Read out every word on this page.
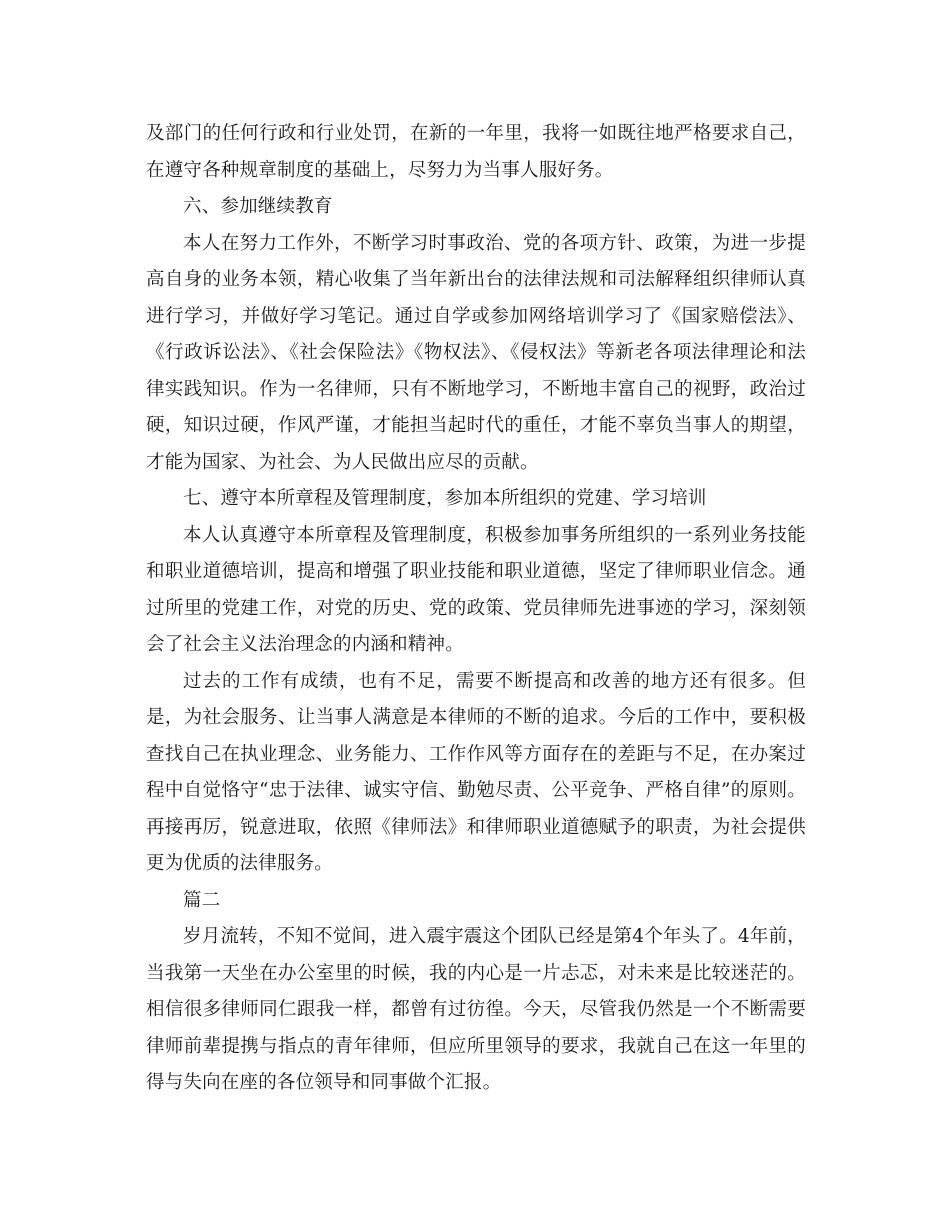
及部门的任何行政和行业处罚，在新的一年里，我将一如既往地严格要求自己，在遵守各种规章制度的基础上，尽努力为当事人服好务。

六、参加继续教育

本人在努力工作外，不断学习时事政治、党的各项方针、政策，为进一步提高自身的业务本领，精心收集了当年新出台的法律法规和司法解释组织律师认真进行学习，并做好学习笔记。通过自学或参加网络培训学习了《国家赔偿法》、《行政诉讼法》、《社会保险法》《物权法》、《侵权法》等新老各项法律理论和法律实践知识。作为一名律师，只有不断地学习，不断地丰富自己的视野，政治过硬，知识过硬，作风严谨，才能担当起时代的重任，才能不辜负当事人的期望，才能为国家、为社会、为人民做出应尽的贡献。

七、遵守本所章程及管理制度，参加本所组织的党建、学习培训

本人认真遵守本所章程及管理制度，积极参加事务所组织的一系列业务技能和职业道德培训，提高和增强了职业技能和职业道德，坚定了律师职业信念。通过所里的党建工作，对党的历史、党的政策、党员律师先进事迹的学习，深刻领会了社会主义法治理念的内涵和精神。

过去的工作有成绩，也有不足，需要不断提高和改善的地方还有很多。但是，为社会服务、让当事人满意是本律师的不断的追求。今后的工作中，要积极查找自己在执业理念、业务能力、工作作风等方面存在的差距与不足，在办案过程中自觉恪守“忠于法律、诚实守信、勤勉尽责、公平竞争、严格自律”的原则。再接再厉，锐意进取，依照《律师法》和律师职业道德赋予的职责，为社会提供更为优质的法律服务。

篇二

岁月流转，不知不觉间，进入震宇震这个团队已经是第4个年头了。4年前，当我第一天坐在办公室里的时候，我的内心是一片忐忑，对未来是比较迷茫的。相信很多律师同仁跟我一样，都曾有过彷徨。今天，尽管我仍然是一个不断需要律师前辈提携与指点的青年律师，但应所里领导的要求，我就自己在这一年里的得与失向在座的各位领导和同事做个汇报。
